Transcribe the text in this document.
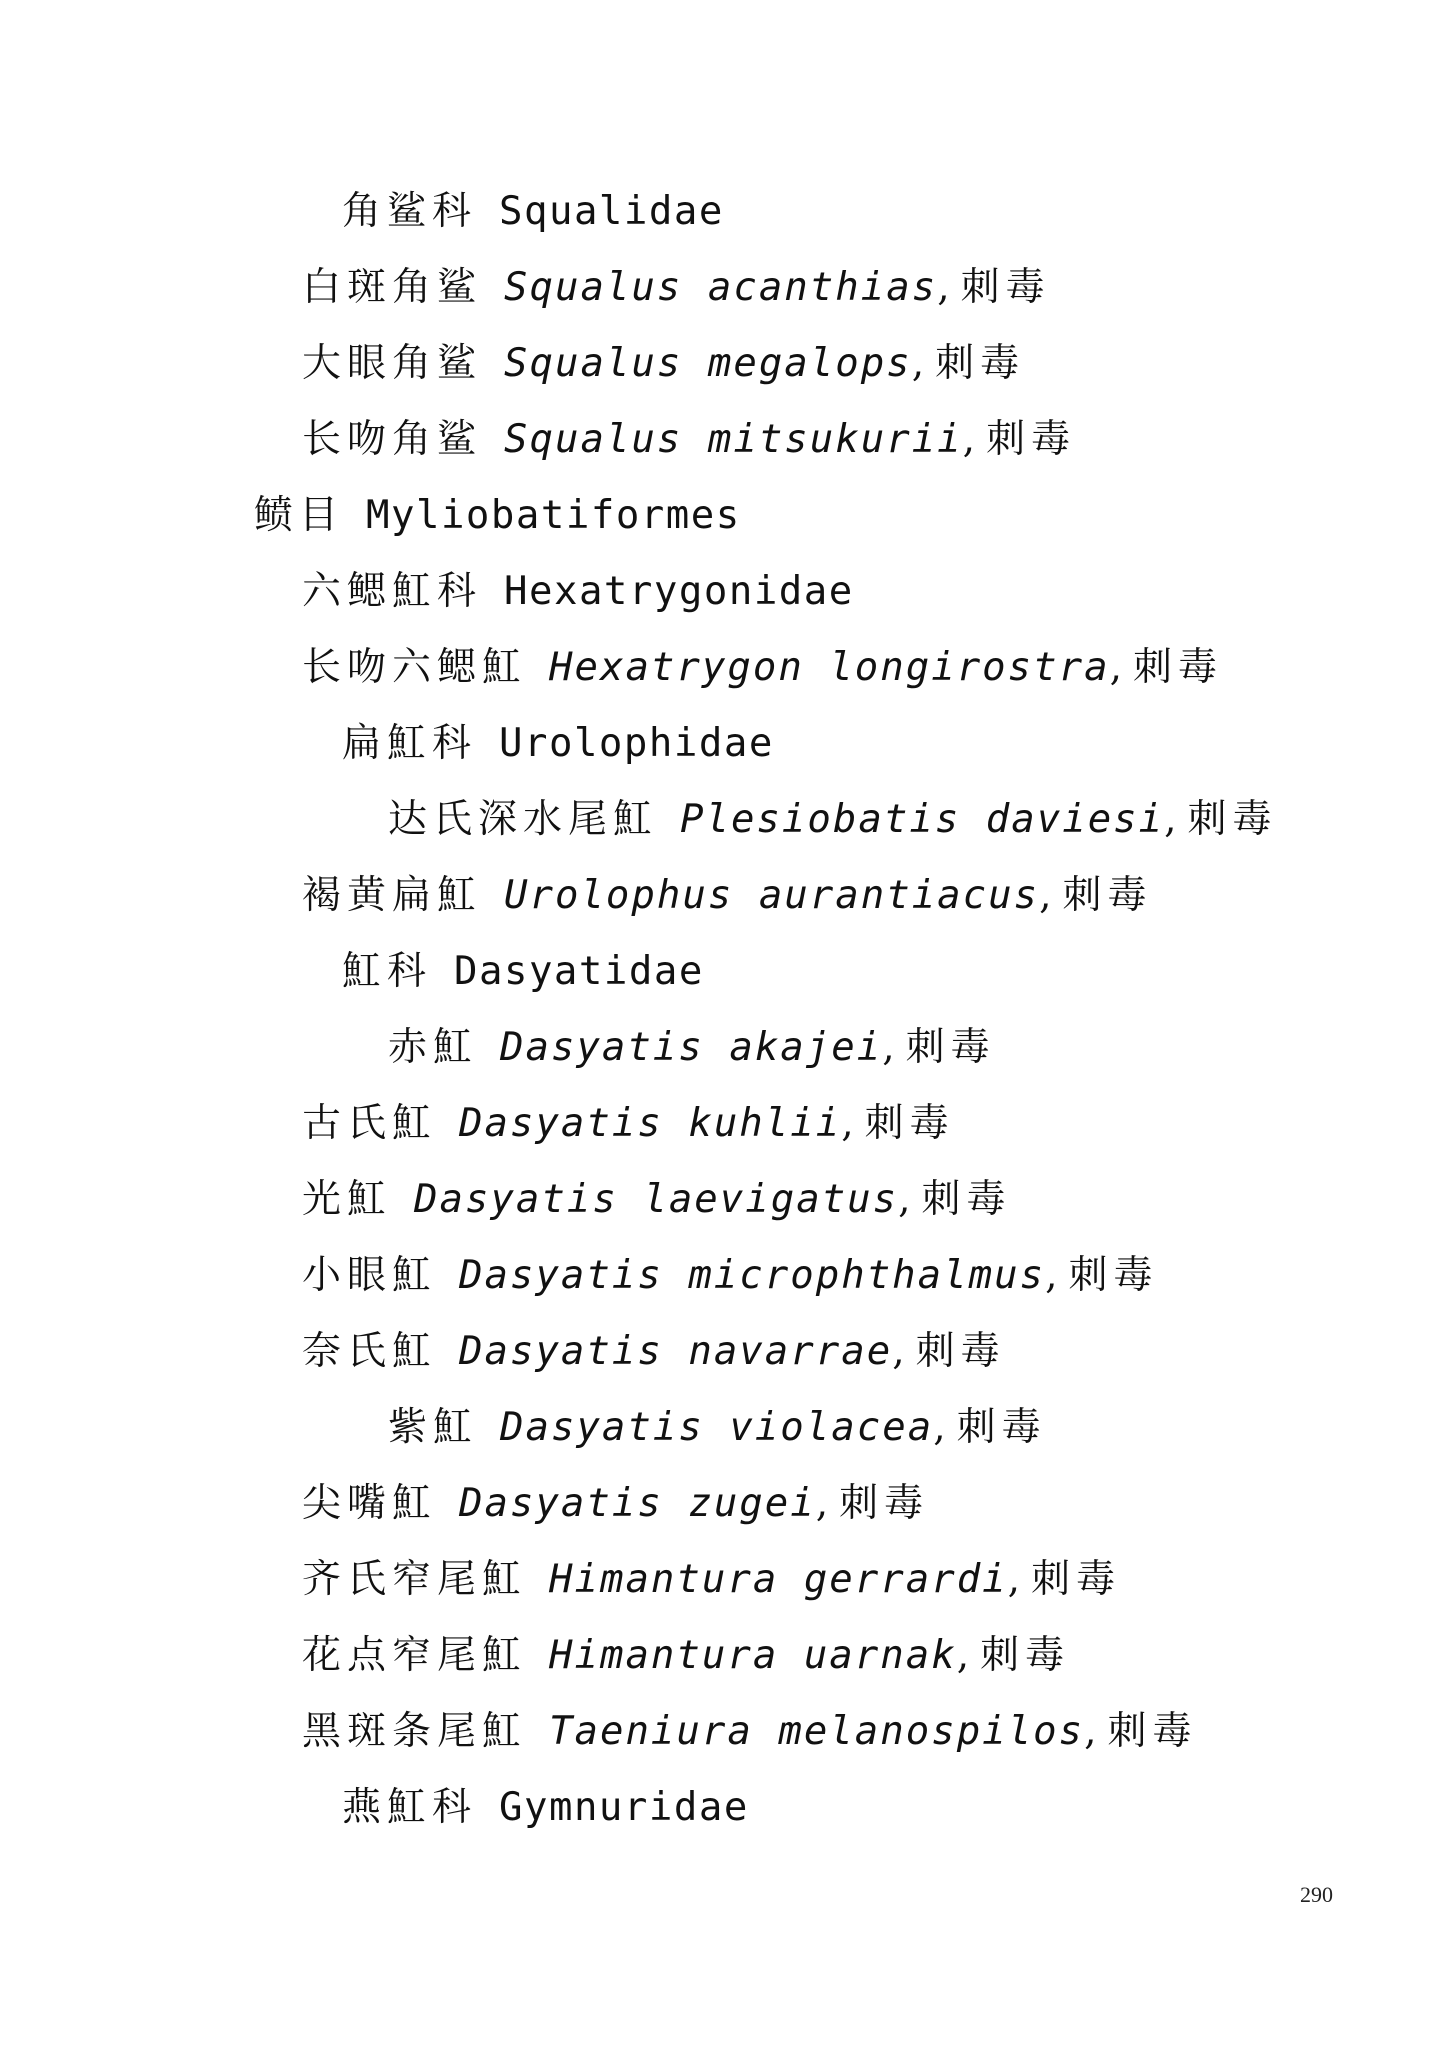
角鲨科 Squalidae
白斑角鲨 Squalus acanthias, 刺毒
大眼角鲨 Squalus megalops, 刺毒
长吻角鲨 Squalus mitsukurii, 刺毒
鲼目 Myliobatiformes
六鳃魟科 Hexatrygonidae
长吻六鳃魟 Hexatrygon longirostra, 刺毒
扁魟科 Urolophidae
达氏深水尾魟 Plesiobatis daviesi, 刺毒
褐黄扁魟 Urolophus aurantiacus, 刺毒
魟科 Dasyatidae
赤魟 Dasyatis akajei, 刺毒
古氏魟 Dasyatis kuhlii, 刺毒
光魟 Dasyatis laevigatus, 刺毒
小眼魟 Dasyatis microphthalmus, 刺毒
奈氏魟 Dasyatis navarrae, 刺毒
紫魟 Dasyatis violacea, 刺毒
尖嘴魟 Dasyatis zugei, 刺毒
齐氏窄尾魟 Himantura gerrardi, 刺毒
花点窄尾魟 Himantura uarnak, 刺毒
黑斑条尾魟 Taeniura melanospilos, 刺毒
燕魟科 Gymnuridae
290
